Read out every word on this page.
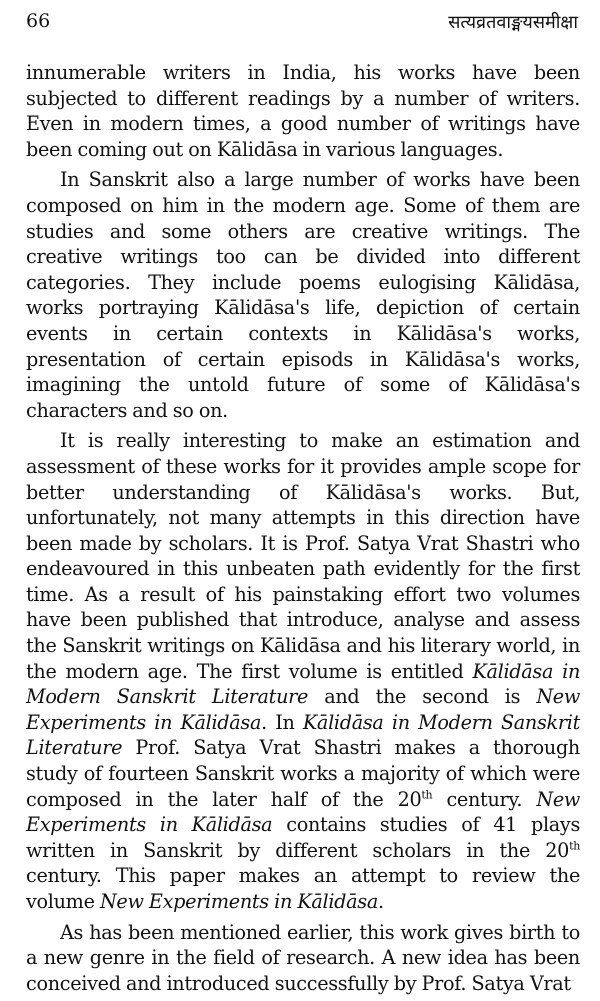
66	सत्यव्रतवाङ्मयसमीक्षा

innumerable writers in India, his works have been subjected to different readings by a number of writers. Even in modern times, a good number of writings have been coming out on Kālidāsa in various languages.

In Sanskrit also a large number of works have been composed on him in the modern age. Some of them are studies and some others are creative writings. The creative writings too can be divided into different categories. They include poems eulogising Kālidāsa, works portraying Kālidāsa's life, depiction of certain events in certain contexts in Kālidāsa's works, presentation of certain episods in Kālidāsa's works, imagining the untold future of some of Kālidāsa's characters and so on.

It is really interesting to make an estimation and assessment of these works for it provides ample scope for better understanding of Kālidāsa's works. But, unfortunately, not many attempts in this direction have been made by scholars. It is Prof. Satya Vrat Shastri who endeavoured in this unbeaten path evidently for the first time. As a result of his painstaking effort two volumes have been published that introduce, analyse and assess the Sanskrit writings on Kālidāsa and his literary world, in the modern age. The first volume is entitled Kālidāsa in Modern Sanskrit Literature and the second is New Experiments in Kālidāsa. In Kālidāsa in Modern Sanskrit Literature Prof. Satya Vrat Shastri makes a thorough study of fourteen Sanskrit works a majority of which were composed in the later half of the 20th century. New Experiments in Kālidāsa contains studies of 41 plays written in Sanskrit by different scholars in the 20th century. This paper makes an attempt to review the volume New Experiments in Kālidāsa.

As has been mentioned earlier, this work gives birth to a new genre in the field of research. A new idea has been conceived and introduced successfully by Prof. Satya Vrat
